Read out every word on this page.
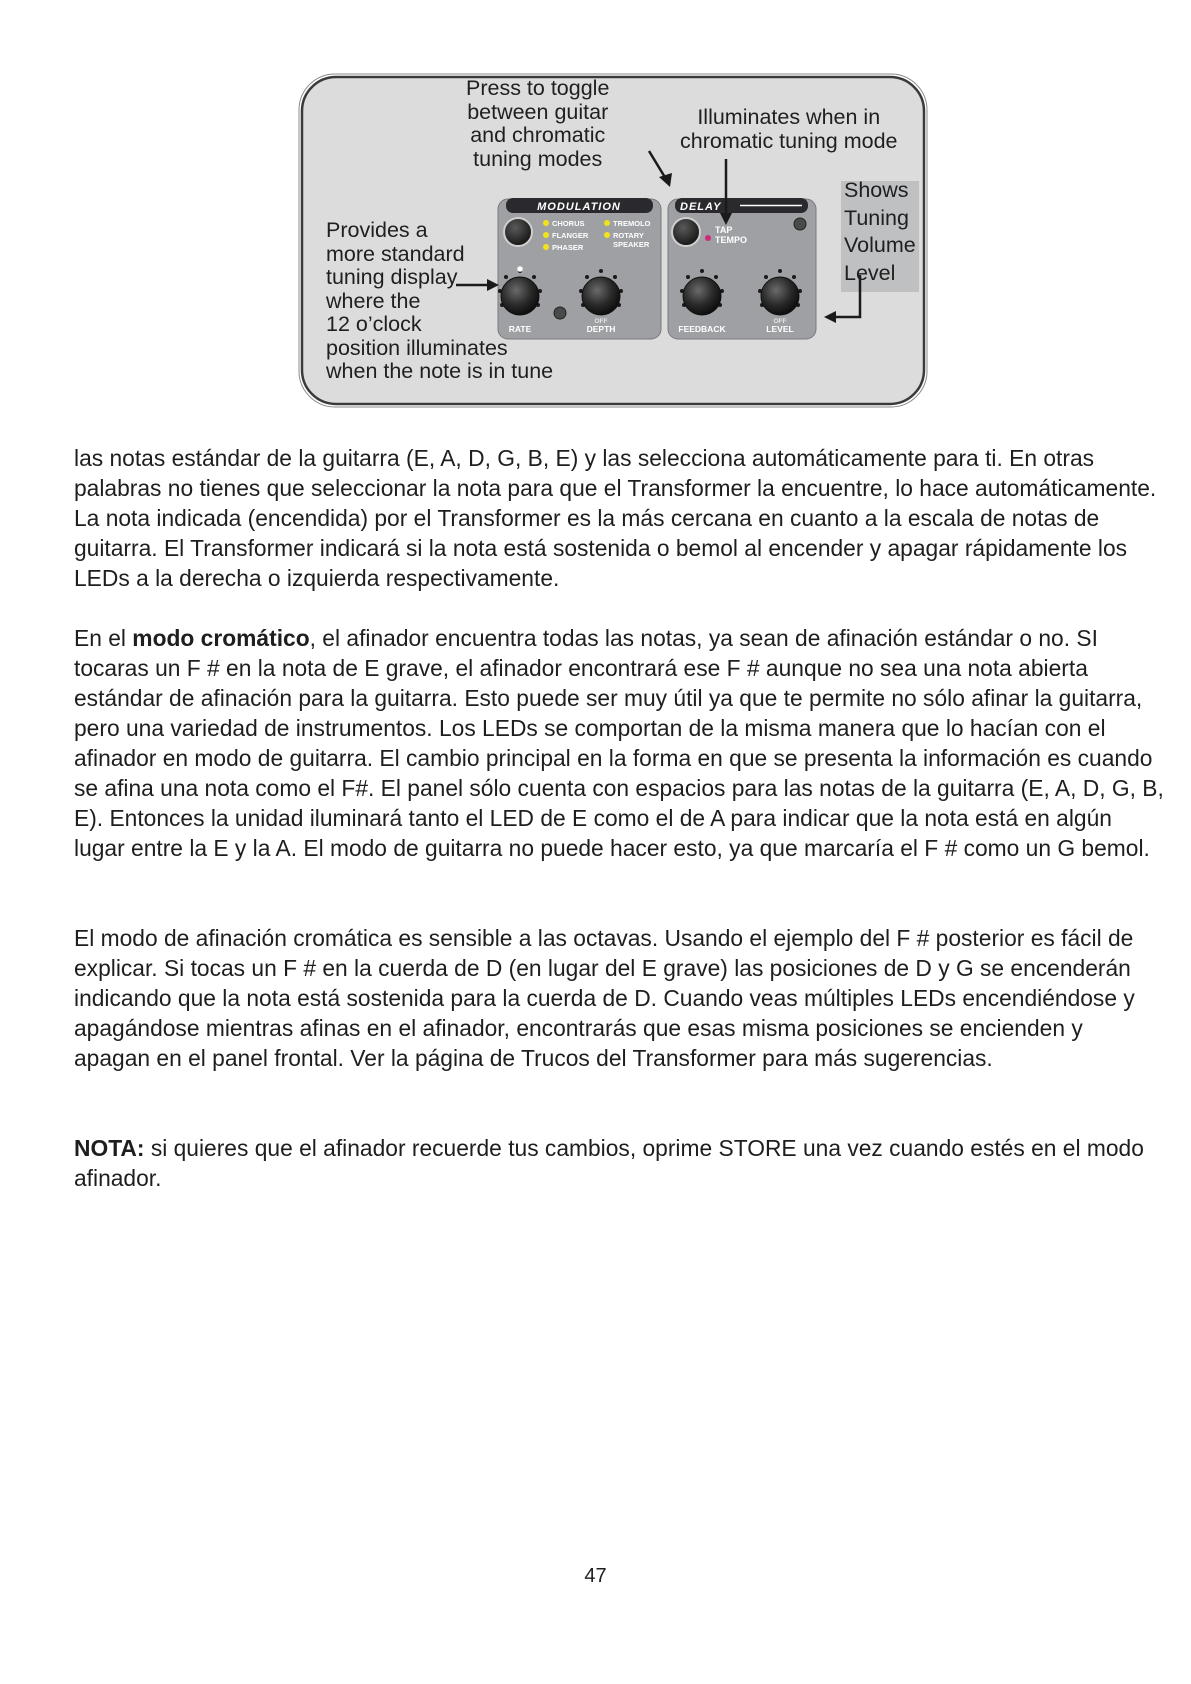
MODULATION
CHORUS
FLANGER
PHASER
TREMOLO
ROTARY
SPEAKER
RATE	DEPTH
OFF
DELAY
TAP
TEMPO
FEEDBACK	LEVEL
OFF
Press to toggle
between guitar
and chromatic
tuning modes
Illuminates when in
chromatic tuning mode
Shows
Tuning
Volume
Level
Provides a
more standard
tuning display
where the
12 o’clock
position illuminates
when the note is in tune

las notas estándar de la guitarra (E, A, D, G, B, E) y las selecciona automáticamente para ti. En otras palabras no tienes que seleccionar la nota para que el Transformer la encuentre, lo hace automáticamente. La nota indicada (encendida) por el Transformer es la más cercana en cuanto a la escala de notas de guitarra. El Transformer indicará si la nota está sostenida o bemol al encender y apagar rápidamente los LEDs a la derecha o izquierda respectivamente.

En el modo cromático, el afinador encuentra todas las notas, ya sean de afinación estándar o no. SI tocaras un F # en la nota de E grave, el afinador encontrará ese F # aunque no sea una nota abierta estándar de afinación para la guitarra. Esto puede ser muy útil ya que te permite no sólo afinar la guitarra, pero una variedad de instrumentos. Los LEDs se comportan de la misma manera que lo hacían con el afinador en modo de guitarra. El cambio principal en la forma en que se presenta la información es cuando se afina una nota como el F#. El panel sólo cuenta con espacios para las notas de la guitarra (E, A, D, G, B, E). Entonces la unidad iluminará tanto el LED de E como el de A para indicar que la nota está en algún lugar entre la E y la A. El modo de guitarra no puede hacer esto, ya que marcaría el F # como un G bemol.

El modo de afinación cromática es sensible a las octavas. Usando el ejemplo del F # posterior es fácil de explicar. Si tocas un F # en la cuerda de D (en lugar del E grave) las posiciones de D y G se encenderán indicando que la nota está sostenida para la cuerda de D. Cuando veas múltiples LEDs encendiéndose y apagándose mientras afinas en el afinador, encontrarás que esas misma posiciones se encienden y apagan en el panel frontal. Ver la página de Trucos del Transformer para más sugerencias.

NOTA: si quieres que el afinador recuerde tus cambios, oprime STORE una vez cuando estés en el modo afinador.

47
